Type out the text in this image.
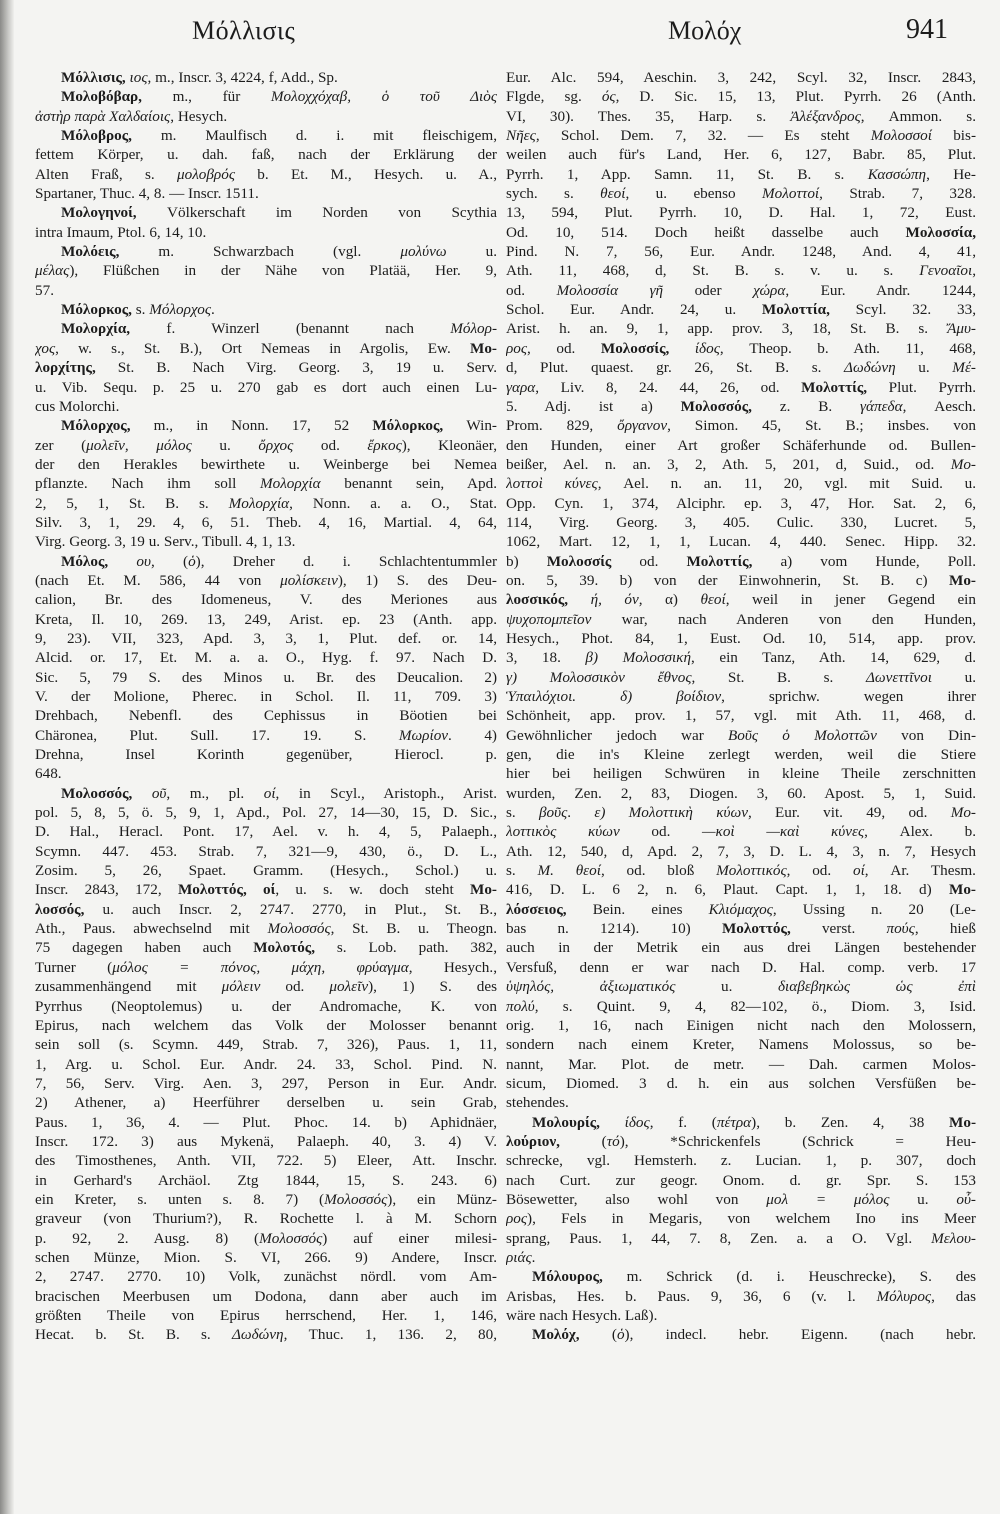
Μόλλισις	Μολόχ	941
Μόλλισις, ιος, m., Inscr. 3, 4224, f, Add., Sp.
Μολοβόβαρ, m., für Μολοχχόχαβ, ὁ τοῦ Διὸς
ἀστὴρ παρὰ Χαλδαίοις, Hesych.
Μόλοβρος, m. Maulfisch d. i. mit fleischigem,
fettem Körper, u. dah. faß, nach der Erklärung der
Alten Fraß, s. μολοβρός b. Et. M., Hesych. u. A.,
Spartaner, Thuc. 4, 8. — Inscr. 1511.
Μολογηνοί, Völkerschaft im Norden von Scythia
intra Imaum, Ptol. 6, 14, 10.
Μολόεις, m. Schwarzbach (vgl. μολύνω u.
μέλας), Flüßchen in der Nähe von Platää, Her. 9,
57.
Μόλορκος, s. Μόλορχος.
Μολορχία, f. Winzerl (benannt nach Μόλορ-
χος, w. s., St. B.), Ort Nemeas in Argolis, Ew. Μο-
λορχίτης, St. B. Nach Virg. Georg. 3, 19 u. Serv.
u. Vib. Sequ. p. 25 u. 270 gab es dort auch einen Lu-
cus Molorchi.
Μόλορχος, m., in Nonn. 17, 52 Μόλορκος, Win-
zer (μολεῖν, μόλος u. ὄρχος od. ἔρκος), Kleonäer,
der den Herakles bewirthete u. Weinberge bei Nemea
pflanzte. Nach ihm soll Μολορχία benannt sein, Apd.
2, 5, 1, St. B. s. Μολορχία, Nonn. a. a. O., Stat.
Silv. 3, 1, 29. 4, 6, 51. Theb. 4, 16, Martial. 4, 64,
Virg. Georg. 3, 19 u. Serv., Tibull. 4, 1, 13.
Μόλος, ου, (ὁ), Dreher d. i. Schlachtentummler
(nach Et. M. 586, 44 von μολίσκειν), 1) S. des Deu-
calion, Br. des Idomeneus, V. des Meriones aus
Kreta, Il. 10, 269. 13, 249, Arist. ep. 23 (Anth. app.
9, 23). VII, 323, Apd. 3, 3, 1, Plut. def. or. 14,
Alcid. or. 17, Et. M. a. a. O., Hyg. f. 97. Nach D.
Sic. 5, 79 S. des Minos u. Br. des Deucalion. 2)
V. der Molione, Pherec. in Schol. Il. 11, 709. 3)
Drehbach, Nebenfl. des Cephissus in Böotien bei
Chäronea, Plut. Sull. 17. 19. S. Μωρίον. 4)
Drehna, Insel Korinth gegenüber, Hierocl. p.
648.
Μολοσσός, οῦ, m., pl. οί, in Scyl., Aristoph., Arist.
pol. 5, 8, 5, ö. 5, 9, 1, Apd., Pol. 27, 14—30, 15, D. Sic.,
D. Hal., Heracl. Pont. 17, Ael. v. h. 4, 5, Palaeph.,
Scymn. 447. 453. Strab. 7, 321—9, 430, ö., D. L.,
Zosim. 5, 26, Spaet. Gramm. (Hesych., Schol.) u.
Inscr. 2843, 172, Μολοττός, οί, u. s. w. doch steht Μο-
λοσσός, u. auch Inscr. 2, 2747. 2770, in Plut., St. B.,
Ath., Paus. abwechselnd mit Μολοσσός, St. B. u. Theogn.
75 dagegen haben auch Μολοτός, s. Lob. path. 382,
Turner (μόλος = πόνος, μάχη, φρύαγμα, Hesych.,
zusammenhängend mit μόλειν od. μολεῖν), 1) S. des
Pyrrhus (Neoptolemus) u. der Andromache, K. von
Epirus, nach welchem das Volk der Molosser benannt
sein soll (s. Scymn. 449, Strab. 7, 326), Paus. 1, 11,
1, Arg. u. Schol. Eur. Andr. 24. 33, Schol. Pind. N.
7, 56, Serv. Virg. Aen. 3, 297, Person in Eur. Andr.
2) Athener, a) Heerführer derselben u. sein Grab,
Paus. 1, 36, 4. — Plut. Phoc. 14. b) Aphidnäer,
Inscr. 172. 3) aus Mykenä, Palaeph. 40, 3. 4) V.
des Timosthenes, Anth. VII, 722. 5) Eleer, Att. Inschr.
in Gerhard's Archäol. Ztg 1844, 15, S. 243. 6)
ein Kreter, s. unten s. 8. 7) (Μολοσσός), ein Münz-
graveur (von Thurium?), R. Rochette l. à M. Schorn
p. 92, 2. Ausg. 8) (Μολοσσός) auf einer milesi-
schen Münze, Mion. S. VI, 266. 9) Andere, Inscr.
2, 2747. 2770. 10) Volk, zunächst nördl. vom Am-
bracischen Meerbusen um Dodona, dann aber auch im
größten Theile von Epirus herrschend, Her. 1, 146,
Hecat. b. St. B. s. Δωδώνη, Thuc. 1, 136. 2, 80,
Eur. Alc. 594, Aeschin. 3, 242, Scyl. 32, Inscr. 2843,
Flgde, sg. ός, D. Sic. 15, 13, Plut. Pyrrh. 26 (Anth.
VI, 30). Thes. 35, Harp. s. Ἀλέξανδρος, Ammon. s.
Νῆες, Schol. Dem. 7, 32. — Es steht Μολοσσοί bis-
weilen auch für's Land, Her. 6, 127, Babr. 85, Plut.
Pyrrh. 1, App. Samn. 11, St. B. s. Κασσώπη, He-
sych. s. θεοί, u. ebenso Μολοττοί, Strab. 7, 328.
13, 594, Plut. Pyrrh. 10, D. Hal. 1, 72, Eust.
Od. 10, 514. Doch heißt dasselbe auch Μολοσσία,
Pind. N. 7, 56, Eur. Andr. 1248, And. 4, 41,
Ath. 11, 468, d, St. B. s. v. u. s. Γενοαῖοι,
od. Μολοσσία γῆ oder χώρα, Eur. Andr. 1244,
Schol. Eur. Andr. 24, u. Μολοττία, Scyl. 32. 33,
Arist. h. an. 9, 1, app. prov. 3, 18, St. B. s. Ἄμυ-
ρος, od. Μολοσσίς, ίδος, Theop. b. Ath. 11, 468,
d, Plut. quaest. gr. 26, St. B. s. Δωδώνη u. Μέ-
γαρα, Liv. 8, 24. 44, 26, od. Μολοττίς, Plut. Pyrrh.
5. Adj. ist a) Μολοσσός, z. B. γάπεδα, Aesch.
Prom. 829, ὄργανον, Simon. 45, St. B.; insbes. von
den Hunden, einer Art großer Schäferhunde od. Bullen-
beißer, Ael. n. an. 3, 2, Ath. 5, 201, d, Suid., od. Μο-
λοττοὶ κύνες, Ael. n. an. 11, 20, vgl. mit Suid. u.
Opp. Cyn. 1, 374, Alciphr. ep. 3, 47, Hor. Sat. 2, 6,
114, Virg. Georg. 3, 405. Culic. 330, Lucret. 5,
1062, Mart. 12, 1, 1, Lucan. 4, 440. Senec. Hipp. 32.
b) Μολοσσίς od. Μολοττίς, a) vom Hunde, Poll.
on. 5, 39. b) von der Einwohnerin, St. B. c) Μο-
λοσσικός, ή, όν, α) θεοί, weil in jener Gegend ein
ψυχοπομπεῖον war, nach Anderen von den Hunden,
Hesych., Phot. 84, 1, Eust. Od. 10, 514, app. prov.
3, 18. β) Μολοσσική, ein Tanz, Ath. 14, 629, d.
γ) Μολοσσικὸν ἔθνος, St. B. s. Δωνεττῖνοι u.
Ὑπαιλόχιοι. δ) βοίδιον, sprichw. wegen ihrer
Schönheit, app. prov. 1, 57, vgl. mit Ath. 11, 468, d.
Gewöhnlicher jedoch war Βοῦς ὁ Μολοττῶν von Din-
gen, die in's Kleine zerlegt werden, weil die Stiere
hier bei heiligen Schwüren in kleine Theile zerschnitten
wurden, Zen. 2, 83, Diogen. 3, 60. Apost. 5, 1, Suid.
s. βοῦς. ε) Μολοττικὴ κύων, Eur. vit. 49, od. Μο-
λοττικὸς κύων od. —κοὶ —καὶ κύνες, Alex. b.
Ath. 12, 540, d, Apd. 2, 7, 3, D. L. 4, 3, n. 7, Hesych
s. M. θεοί, od. bloß Μολοττικός, od. οί, Ar. Thesm.
416, D. L. 6 2, n. 6, Plaut. Capt. 1, 1, 18. d) Μο-
λόσσειος, Bein. eines Κλιόμαχος, Ussing n. 20 (Le-
bas n. 1214). 10) Μολοττός, verst. πούς, hieß
auch in der Metrik ein aus drei Längen bestehender
Versfuß, denn er war nach D. Hal. comp. verb. 17
ὑψηλός, ἀξιωματικός u. διαβεβηκὼς ὡς ἐπὶ
πολύ, s. Quint. 9, 4, 82—102, ö., Diom. 3, Isid.
orig. 1, 16, nach Einigen nicht nach den Molossern,
sondern nach einem Kreter, Namens Molossus, so be-
nannt, Mar. Plot. de metr. — Dah. carmen Molos-
sicum, Diomed. 3 d. h. ein aus solchen Versfüßen be-
stehendes.
Μολουρίς, ίδος, f. (πέτρα), b. Zen. 4, 38 Μο-
λούριον, (τό), *Schrickenfels (Schrick = Heu-
schrecke, vgl. Hemsterh. z. Lucian. 1, p. 307, doch
nach Curt. zur geogr. Onom. d. gr. Spr. S. 153
Bösewetter, also wohl von μολ = μόλος u. οὖ-
ρος), Fels in Megaris, von welchem Ino ins Meer
sprang, Paus. 1, 44, 7. 8, Zen. a. a O. Vgl. Μελου-
ριάς.
Μόλουρος, m. Schrick (d. i. Heuschrecke), S. des
Arisbas, Hes. b. Paus. 9, 36, 6 (v. l. Μόλυρος, das
wäre nach Hesych. Laß).
Μολόχ, (ὁ), indecl. hebr. Eigenn. (nach hebr.
